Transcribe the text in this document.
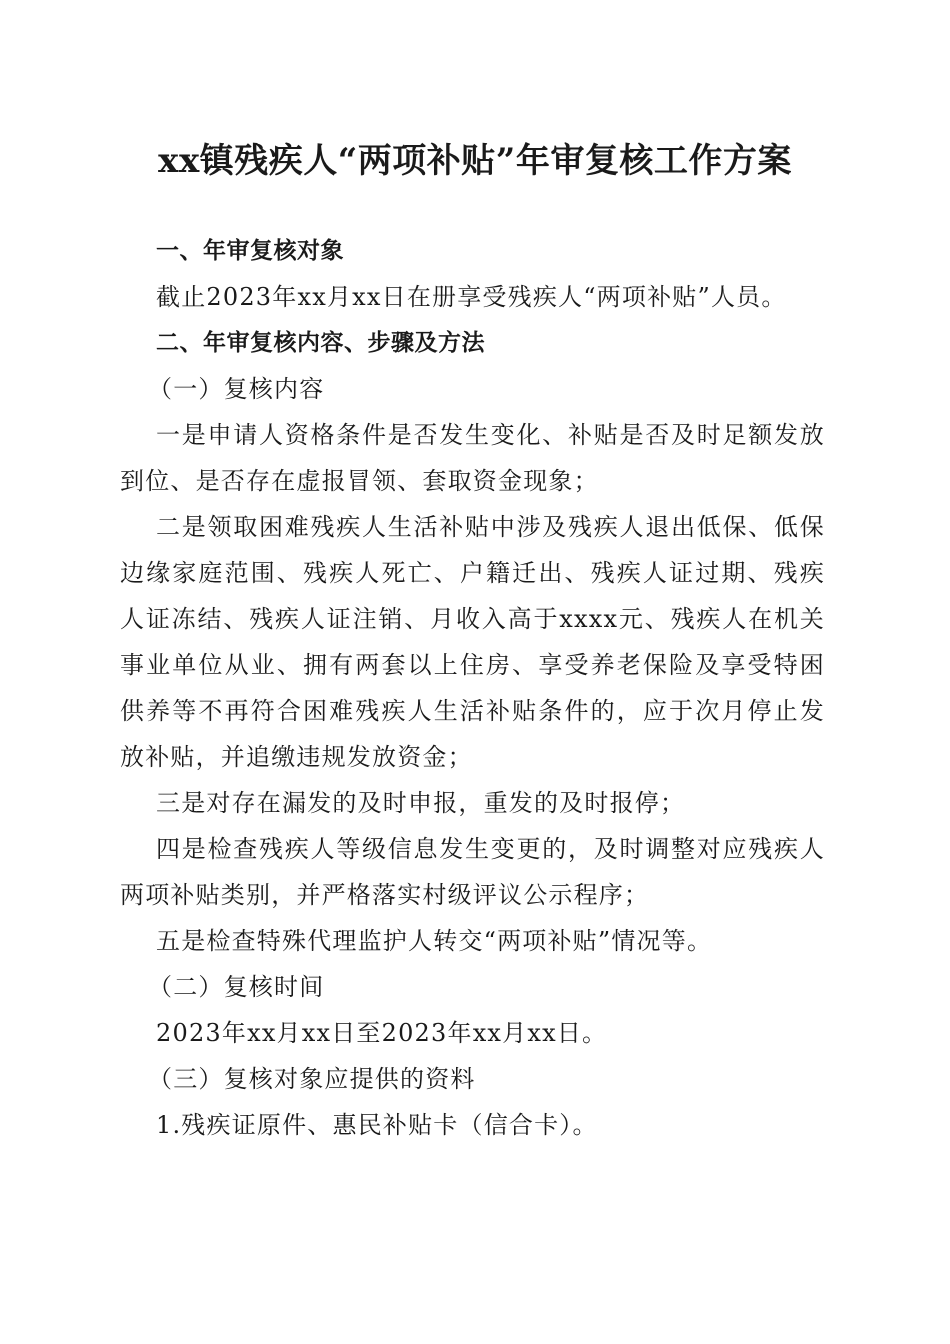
xx镇残疾人“两项补贴”年审复核工作方案

一、年审复核对象

截止2023年xx月xx日在册享受残疾人“两项补贴”人员。

二、年审复核内容、步骤及方法

（一）复核内容

一是申请人资格条件是否发生变化、补贴是否及时足额发放到位、是否存在虚报冒领、套取资金现象；

二是领取困难残疾人生活补贴中涉及残疾人退出低保、低保边缘家庭范围、残疾人死亡、户籍迁出、残疾人证过期、残疾人证冻结、残疾人证注销、月收入高于xxxx元、残疾人在机关事业单位从业、拥有两套以上住房、享受养老保险及享受特困供养等不再符合困难残疾人生活补贴条件的，应于次月停止发放补贴，并追缴违规发放资金；

三是对存在漏发的及时申报，重发的及时报停；

四是检查残疾人等级信息发生变更的，及时调整对应残疾人两项补贴类别，并严格落实村级评议公示程序；

五是检查特殊代理监护人转交“两项补贴”情况等。

（二）复核时间

2023年xx月xx日至2023年xx月xx日。

（三）复核对象应提供的资料

1.残疾证原件、惠民补贴卡（信合卡）。
